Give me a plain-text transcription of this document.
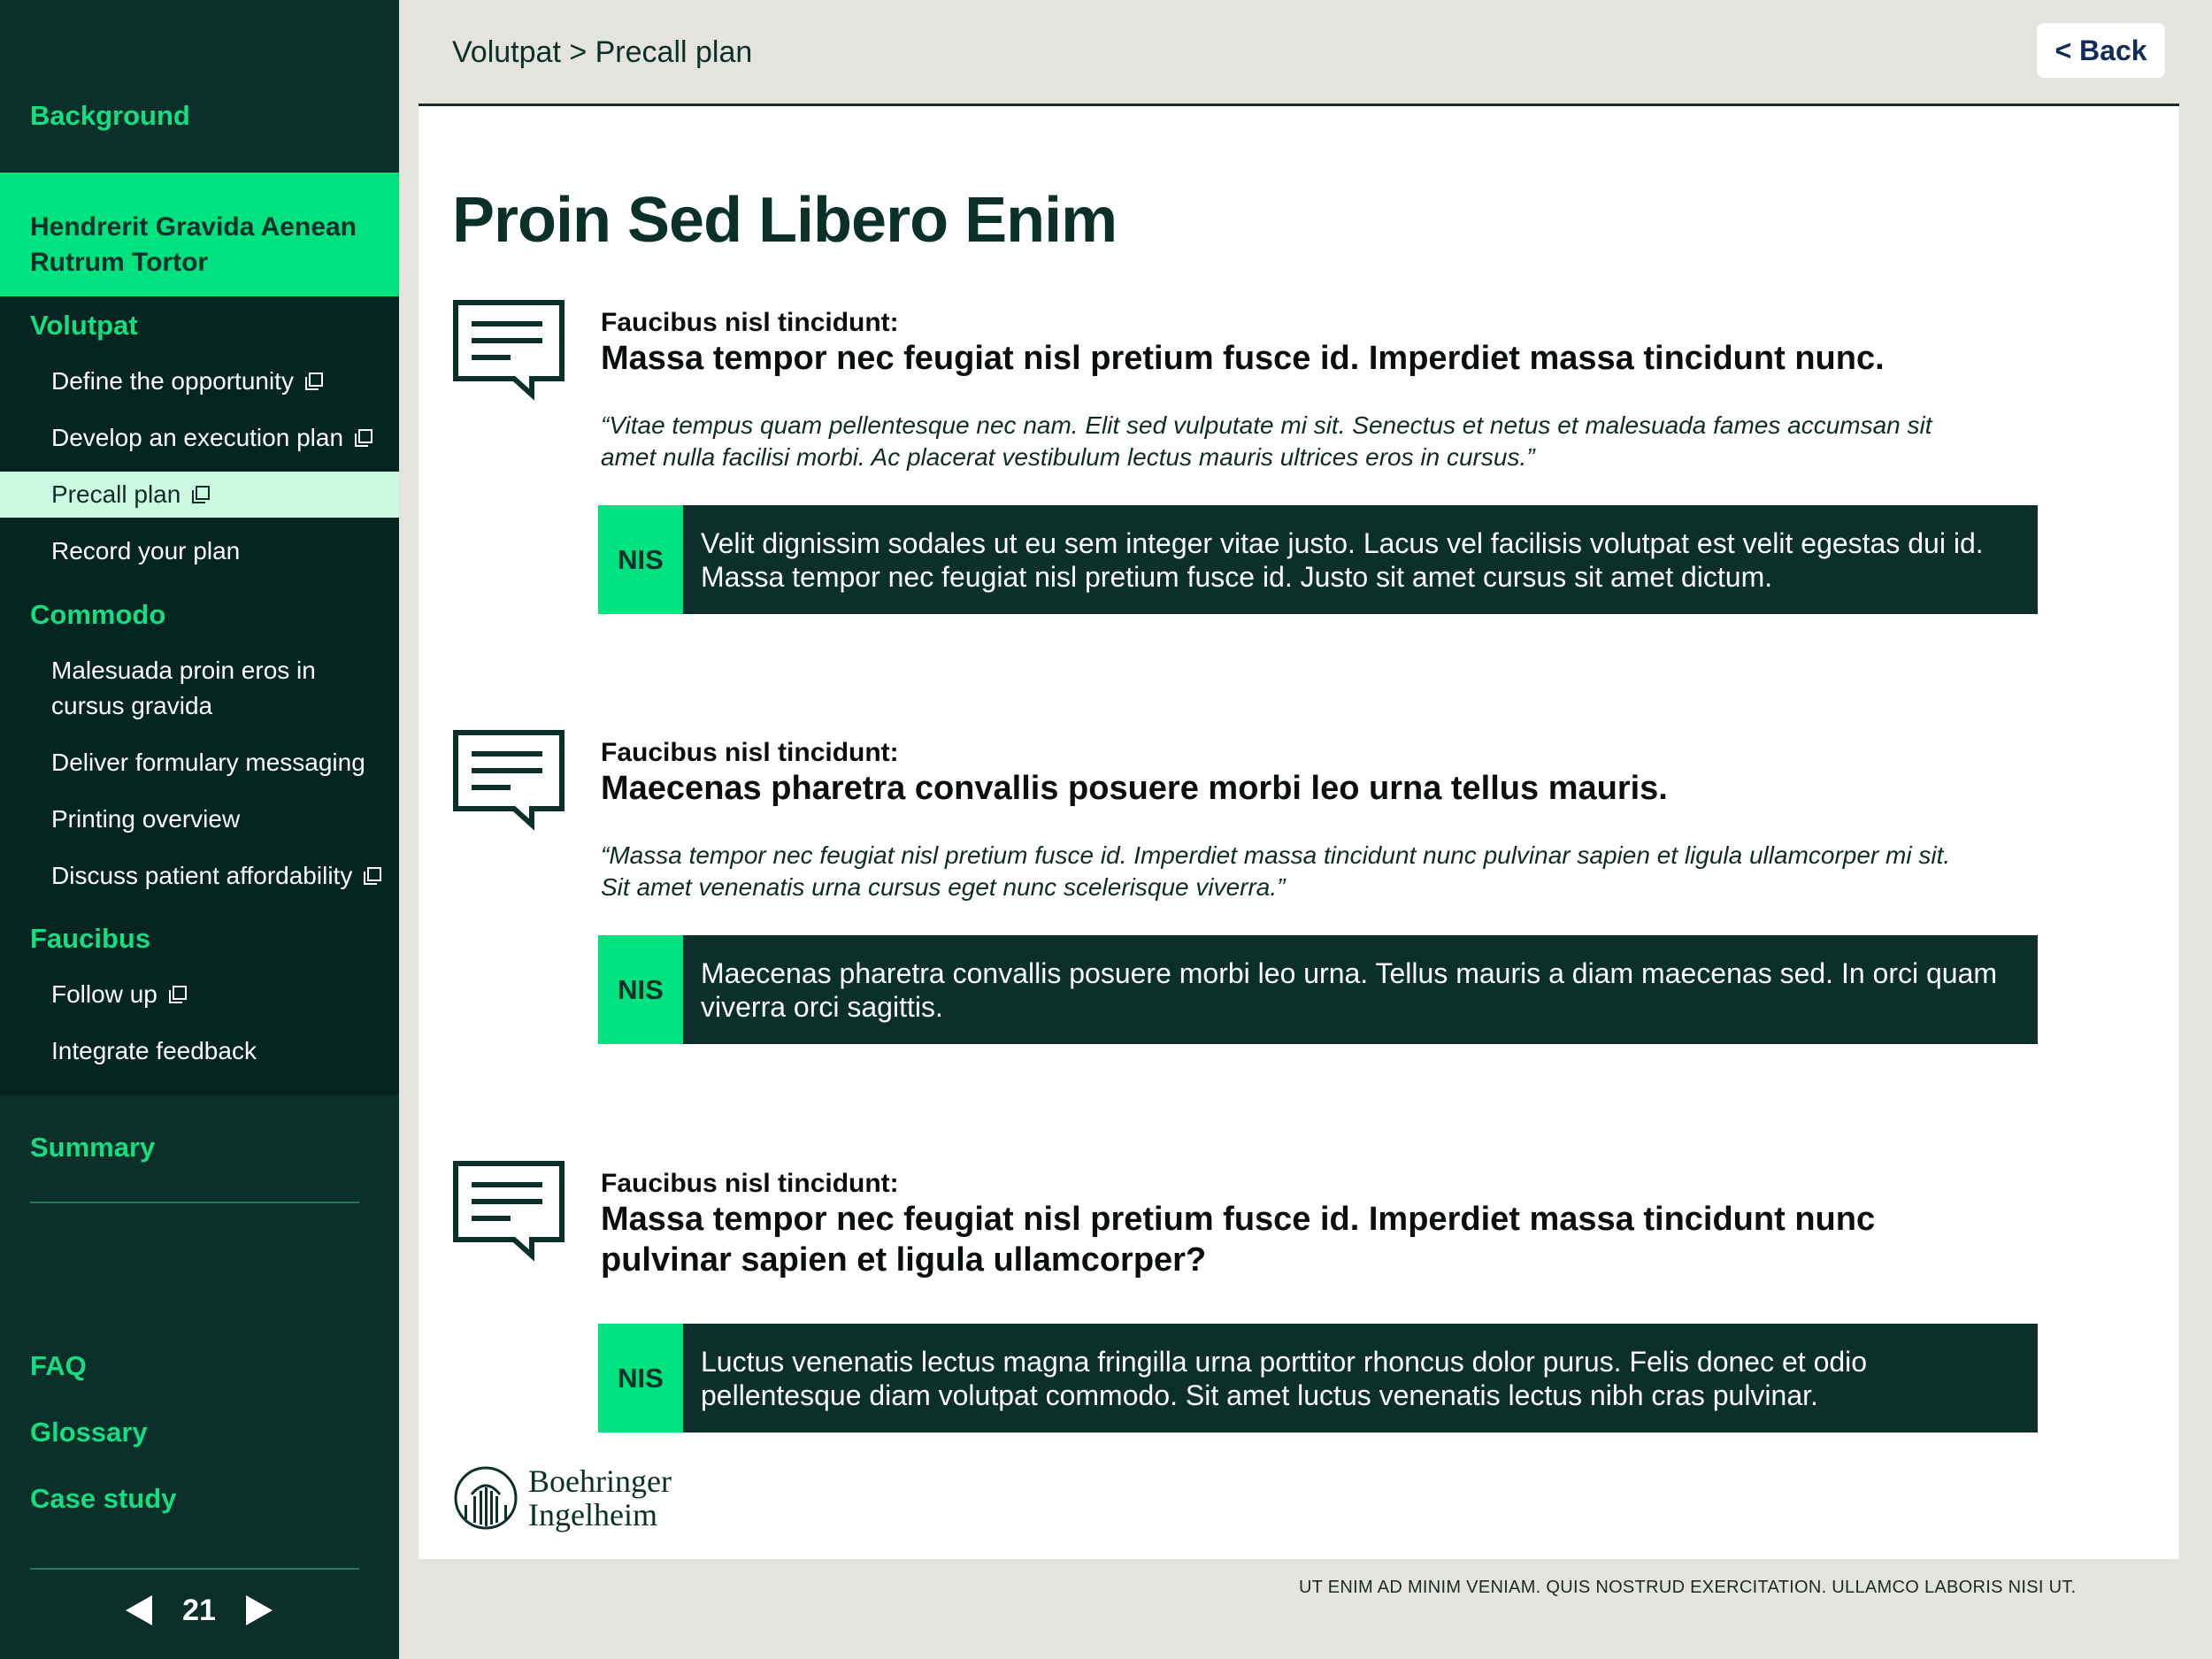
Background
Hendrerit Gravida Aenean
Rutrum Tortor
Volutpat
Define the opportunity
Develop an execution plan
Precall plan
Record your plan
Commodo
Malesuada proin eros in cursus gravida
Deliver formulary messaging
Printing overview
Discuss patient affordability
Faucibus
Follow up
Integrate feedback
Summary
FAQ
Glossary
Case study
21
Volutpat > Precall plan	< Back
Proin Sed Libero Enim
Faucibus nisl tincidunt:
Massa tempor nec feugiat nisl pretium fusce id. Imperdiet massa tincidunt nunc.
“Vitae tempus quam pellentesque nec nam. Elit sed vulputate mi sit. Senectus et netus et malesuada fames accumsan sit amet nulla facilisi morbi. Ac placerat vestibulum lectus mauris ultrices eros in cursus.”
NIS
Velit dignissim sodales ut eu sem integer vitae justo. Lacus vel facilisis volutpat est velit egestas dui id. Massa tempor nec feugiat nisl pretium fusce id. Justo sit amet cursus sit amet dictum.
Faucibus nisl tincidunt:
Maecenas pharetra convallis posuere morbi leo urna tellus mauris.
“Massa tempor nec feugiat nisl pretium fusce id. Imperdiet massa tincidunt nunc pulvinar sapien et ligula ullamcorper mi sit. Sit amet venenatis urna cursus eget nunc scelerisque viverra.”
NIS
Maecenas pharetra convallis posuere morbi leo urna. Tellus mauris a diam maecenas sed. In orci quam viverra orci sagittis.
Faucibus nisl tincidunt:
Massa tempor nec feugiat nisl pretium fusce id. Imperdiet massa tincidunt nunc pulvinar sapien et ligula ullamcorper?
NIS
Luctus venenatis lectus magna fringilla urna porttitor rhoncus dolor purus. Felis donec et odio pellentesque diam volutpat commodo. Sit amet luctus venenatis lectus nibh cras pulvinar.
Boehringer
Ingelheim
UT ENIM AD MINIM VENIAM. QUIS NOSTRUD EXERCITATION. ULLAMCO LABORIS NISI UT.
